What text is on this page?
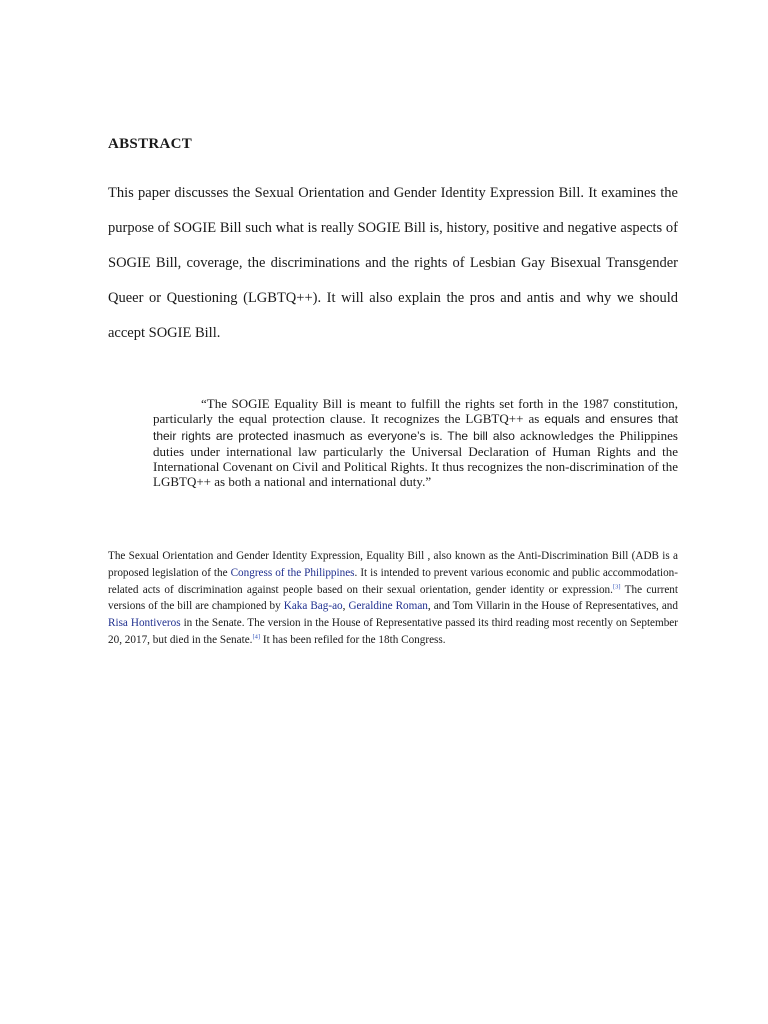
ABSTRACT

This paper discusses the Sexual Orientation and Gender Identity Expression Bill. It examines the purpose of SOGIE Bill such what is really SOGIE Bill is, history, positive and negative aspects of SOGIE Bill, coverage, the discriminations and the rights of Lesbian Gay Bisexual Transgender Queer or Questioning (LGBTQ++). It will also explain the pros and antis and why we should accept SOGIE Bill.

“The SOGIE Equality Bill is meant to fulfill the rights set forth in the 1987 constitution, particularly the equal protection clause. It recognizes the LGBTQ++ as equals and ensures that their rights are protected inasmuch as everyone’s is. The bill also acknowledges the Philippines duties under international law particularly the Universal Declaration of Human Rights and the International Covenant on Civil and Political Rights. It thus recognizes the non-discrimination of the LGBTQ++ as both a national and international duty.”

The Sexual Orientation and Gender Identity Expression, Equality Bill , also known as the Anti-Discrimination Bill (ADB is a proposed legislation of the Congress of the Philippines. It is intended to prevent various economic and public accommodation-related acts of discrimination against people based on their sexual orientation, gender identity or expression.[3] The current versions of the bill are championed by Kaka Bag-ao, Geraldine Roman, and Tom Villarin in the House of Representatives, and Risa Hontiveros in the Senate. The version in the House of Representative passed its third reading most recently on September 20, 2017, but died in the Senate.[4] It has been refiled for the 18th Congress.
